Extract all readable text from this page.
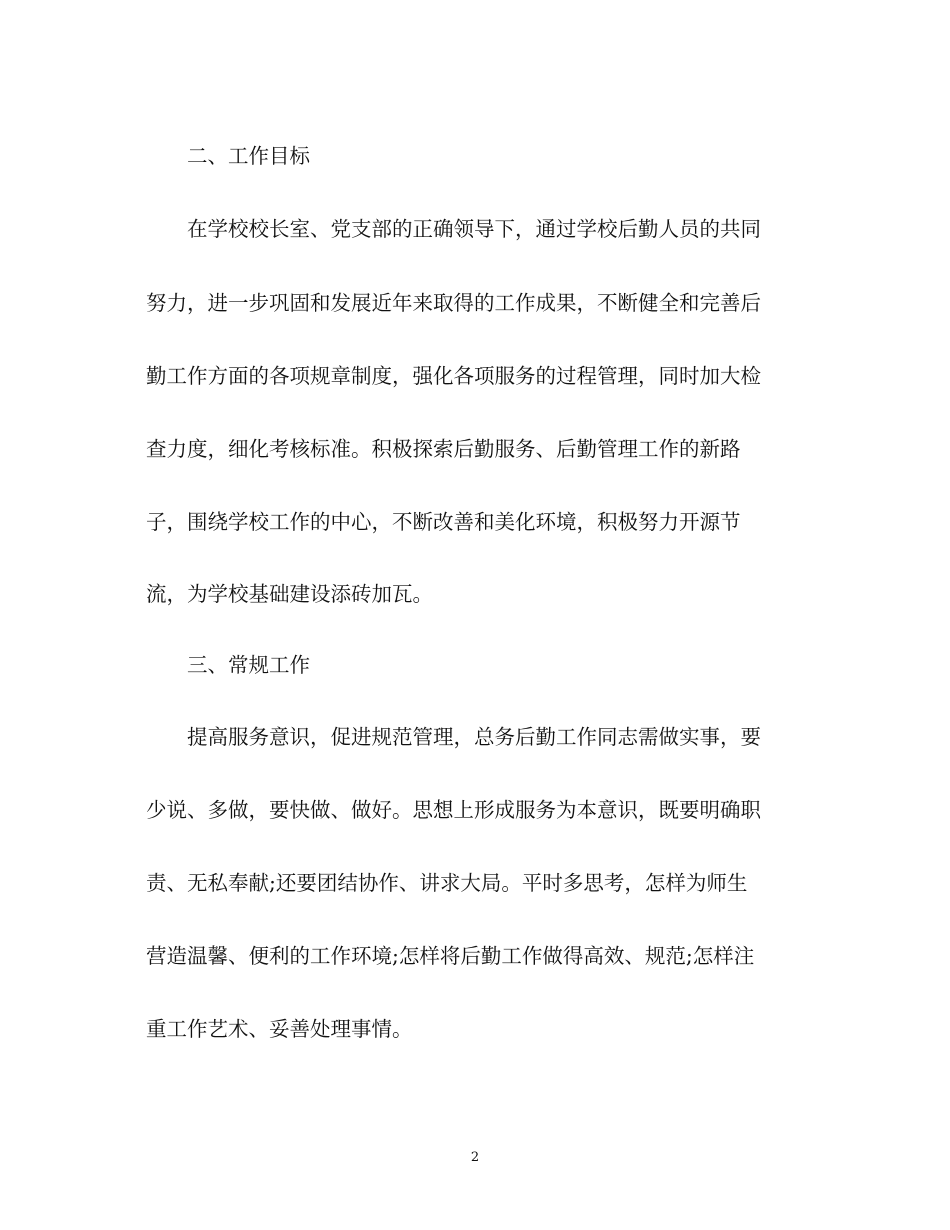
二、工作目标
在学校校长室、党支部的正确领导下，通过学校后勤人员的共同
努力，进一步巩固和发展近年来取得的工作成果，不断健全和完善后
勤工作方面的各项规章制度，强化各项服务的过程管理，同时加大检
查力度，细化考核标准。积极探索后勤服务、后勤管理工作的新路
子，围绕学校工作的中心，不断改善和美化环境，积极努力开源节
流，为学校基础建设添砖加瓦。
三、常规工作
提高服务意识，促进规范管理，总务后勤工作同志需做实事，要
少说、多做，要快做、做好。思想上形成服务为本意识，既要明确职
责、无私奉献;还要团结协作、讲求大局。平时多思考，怎样为师生
营造温馨、便利的工作环境;怎样将后勤工作做得高效、规范;怎样注
重工作艺术、妥善处理事情。
2
